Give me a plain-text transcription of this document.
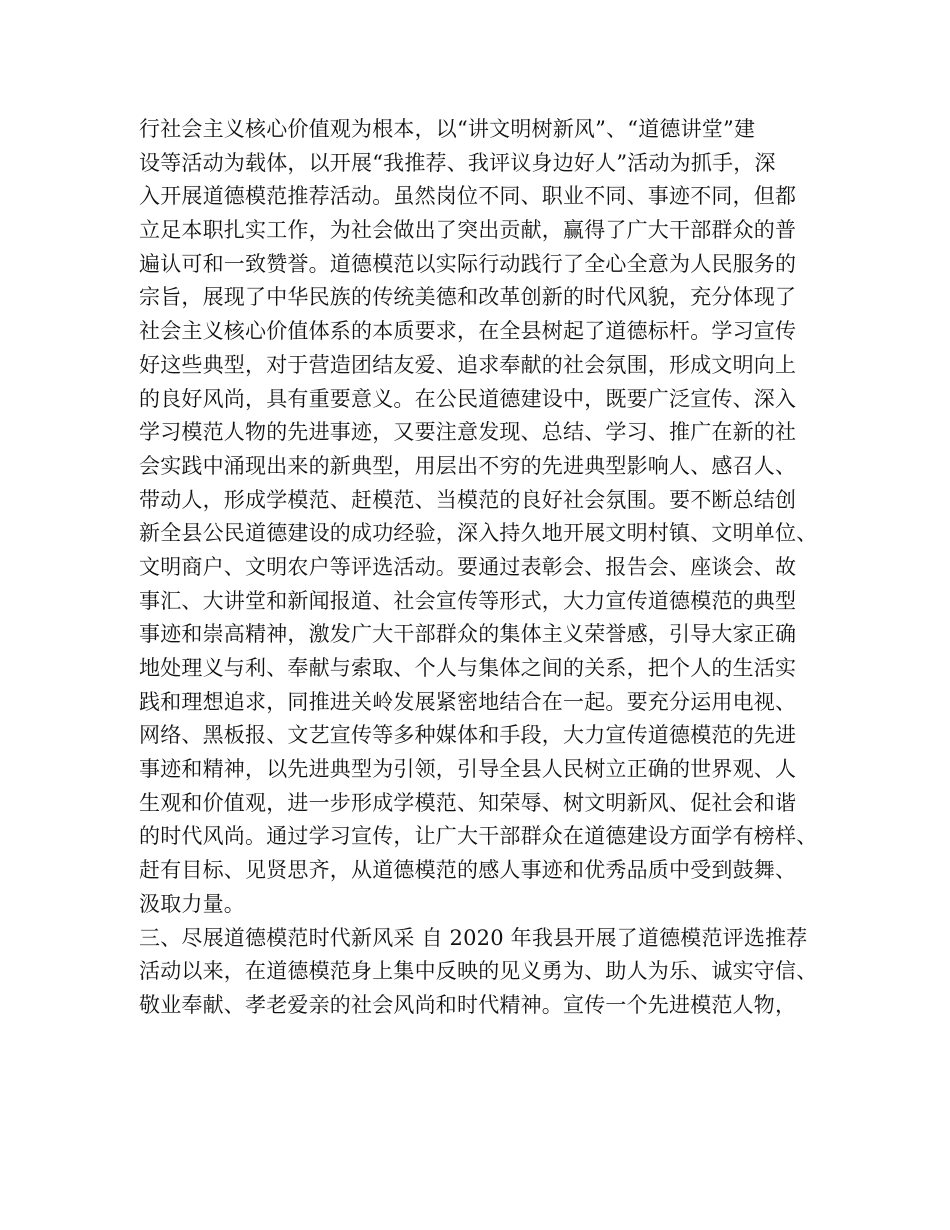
行社会主义核心价值观为根本，以“讲文明树新风”、“道德讲堂”建
设等活动为载体，以开展“我推荐、我评议身边好人”活动为抓手，深
入开展道德模范推荐活动。虽然岗位不同、职业不同、事迹不同，但都
立足本职扎实工作，为社会做出了突出贡献，赢得了广大干部群众的普
遍认可和一致赞誉。道德模范以实际行动践行了全心全意为人民服务的
宗旨，展现了中华民族的传统美德和改革创新的时代风貌，充分体现了
社会主义核心价值体系的本质要求，在全县树起了道德标杆。学习宣传
好这些典型，对于营造团结友爱、追求奉献的社会氛围，形成文明向上
的良好风尚，具有重要意义。在公民道德建设中，既要广泛宣传、深入
学习模范人物的先进事迹，又要注意发现、总结、学习、推广在新的社
会实践中涌现出来的新典型，用层出不穷的先进典型影响人、感召人、
带动人，形成学模范、赶模范、当模范的良好社会氛围。要不断总结创
新全县公民道德建设的成功经验，深入持久地开展文明村镇、文明单位、
文明商户、文明农户等评选活动。要通过表彰会、报告会、座谈会、故
事汇、大讲堂和新闻报道、社会宣传等形式，大力宣传道德模范的典型
事迹和崇高精神，激发广大干部群众的集体主义荣誉感，引导大家正确
地处理义与利、奉献与索取、个人与集体之间的关系，把个人的生活实
践和理想追求，同推进关岭发展紧密地结合在一起。要充分运用电视、
网络、黑板报、文艺宣传等多种媒体和手段，大力宣传道德模范的先进
事迹和精神，以先进典型为引领，引导全县人民树立正确的世界观、人
生观和价值观，进一步形成学模范、知荣辱、树文明新风、促社会和谐
的时代风尚。通过学习宣传，让广大干部群众在道德建设方面学有榜样、
赶有目标、见贤思齐，从道德模范的感人事迹和优秀品质中受到鼓舞、
汲取力量。
三、尽展道德模范时代新风采 自 2020 年我县开展了道德模范评选推荐
活动以来，在道德模范身上集中反映的见义勇为、助人为乐、诚实守信、
敬业奉献、孝老爱亲的社会风尚和时代精神。宣传一个先进模范人物，
